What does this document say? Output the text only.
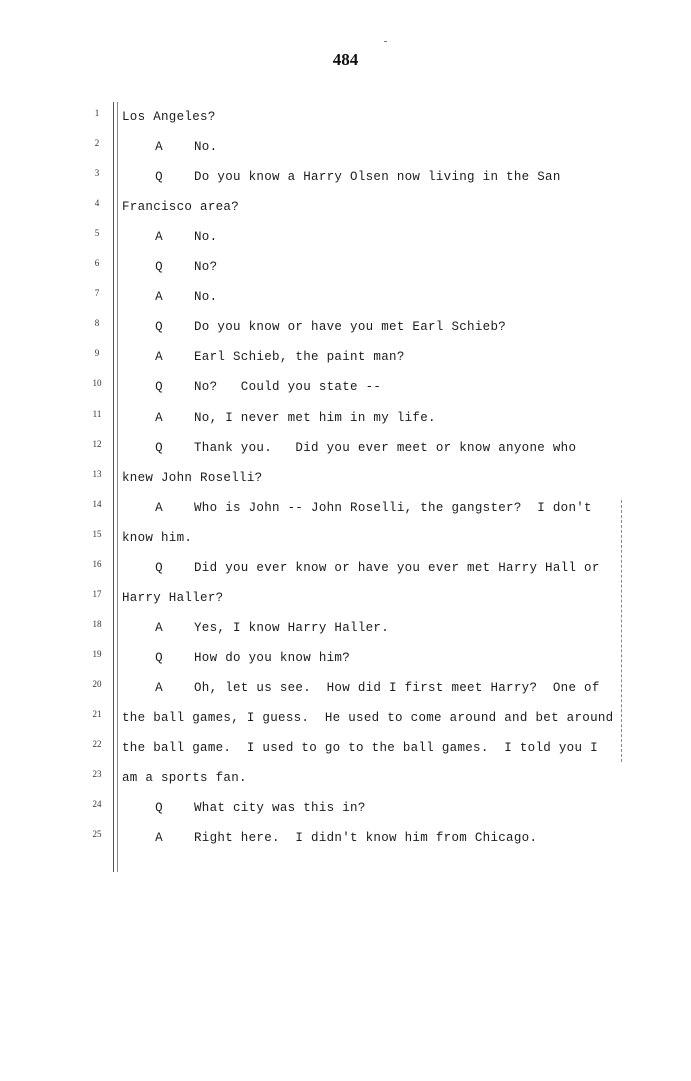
484
1	Los Angeles?
2	A No.
3	Q Do you know a Harry Olsen now living in the San
4	Francisco area?
5	A No.
6	Q No?
7	A No.
8	Q Do you know or have you met Earl Schieb?
9	A Earl Schieb, the paint man?
10	Q No?   Could you state --
11	A No, I never met him in my life.
12	Q Thank you.   Did you ever meet or know anyone who
13 knew John Roselli?
14	A Who is John -- John Roselli, the gangster?  I don't
15 know him.
16	Q Did you ever know or have you ever met Harry Hall or
17 Harry Haller?
18	A Yes, I know Harry Haller.
19	Q How do you know him?
20	A Oh, let us see.  How did I first meet Harry?  One of
21 the ball games, I guess.  He used to come around and bet around
22 the ball game.  I used to go to the ball games.  I told you I
23 am a sports fan.
24	Q What city was this in?
25	A Right here.  I didn't know him from Chicago.
